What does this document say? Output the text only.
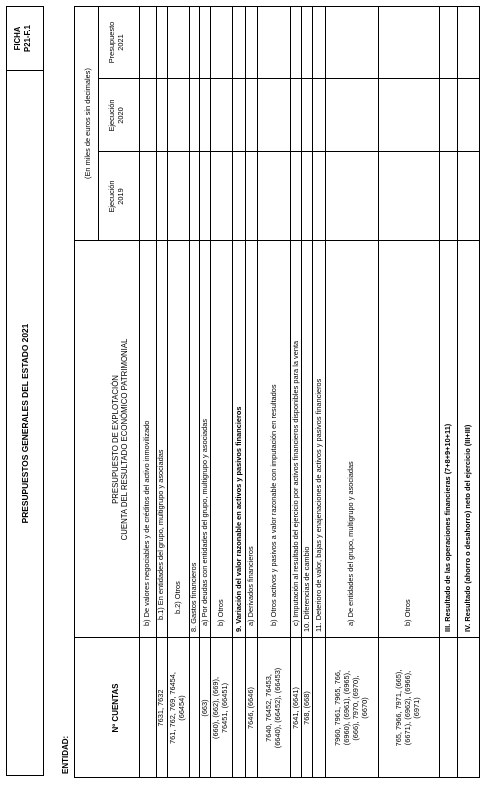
PRESUPUESTOS GENERALES DEL ESTADO 2021
FICHA P21-F.1
ENTIDAD:
Nº CUENTAS
PRESUPUESTO DE EXPLOTACIÓN CUENTA DEL RESULTADO ECONÓMICO PATRIMONIAL
(En miles de euros sin decimales)
Ejecución 2019
Ejecución 2020
Presupuesto 2021
b) De valores negociables y de créditos del activo inmovilizado
7631, 7632
b.1) En entidades del grupo, multigrupo y asociadas
761, 762, 769, 76454, (66454)
b.2) Otros 8. Gastos financieros
(663)
a) Por deudas con entidades del grupo, multigrupo y asociadas
(660), (662), (669), 76451, (66451)
b) Otros 9. Variación del valor razonable en activos y pasivos financieros
7646, (6646)
a) Derivados financieros
7640, 76452, 76453, (6640), (66452), (66453)
b) Otros activos y pasivos a valor razonable con imputación en resultados
7641, (6641)
c) Imputación al resultado del ejercicio por activos financieros disponibles para la venta
768, (668)
10. Diferencias de cambio 11. Deterioro de valor, bajas y enajenaciones de activos y pasivos financieros
7960, 7961, 7965, 766, (6960), (6961), (6965), (666), 7970, (6970), (6670)
a) De entidades del grupo, multigrupo y asociadas
765, 7966, 7971, (665), (6671), (6962), (6966), (6971)
b) Otros	III. Resultado de las operaciones financieras (7+8+9+10+11) IV. Resultado (ahorro o desahorro) neto del ejercicio (III+III)
